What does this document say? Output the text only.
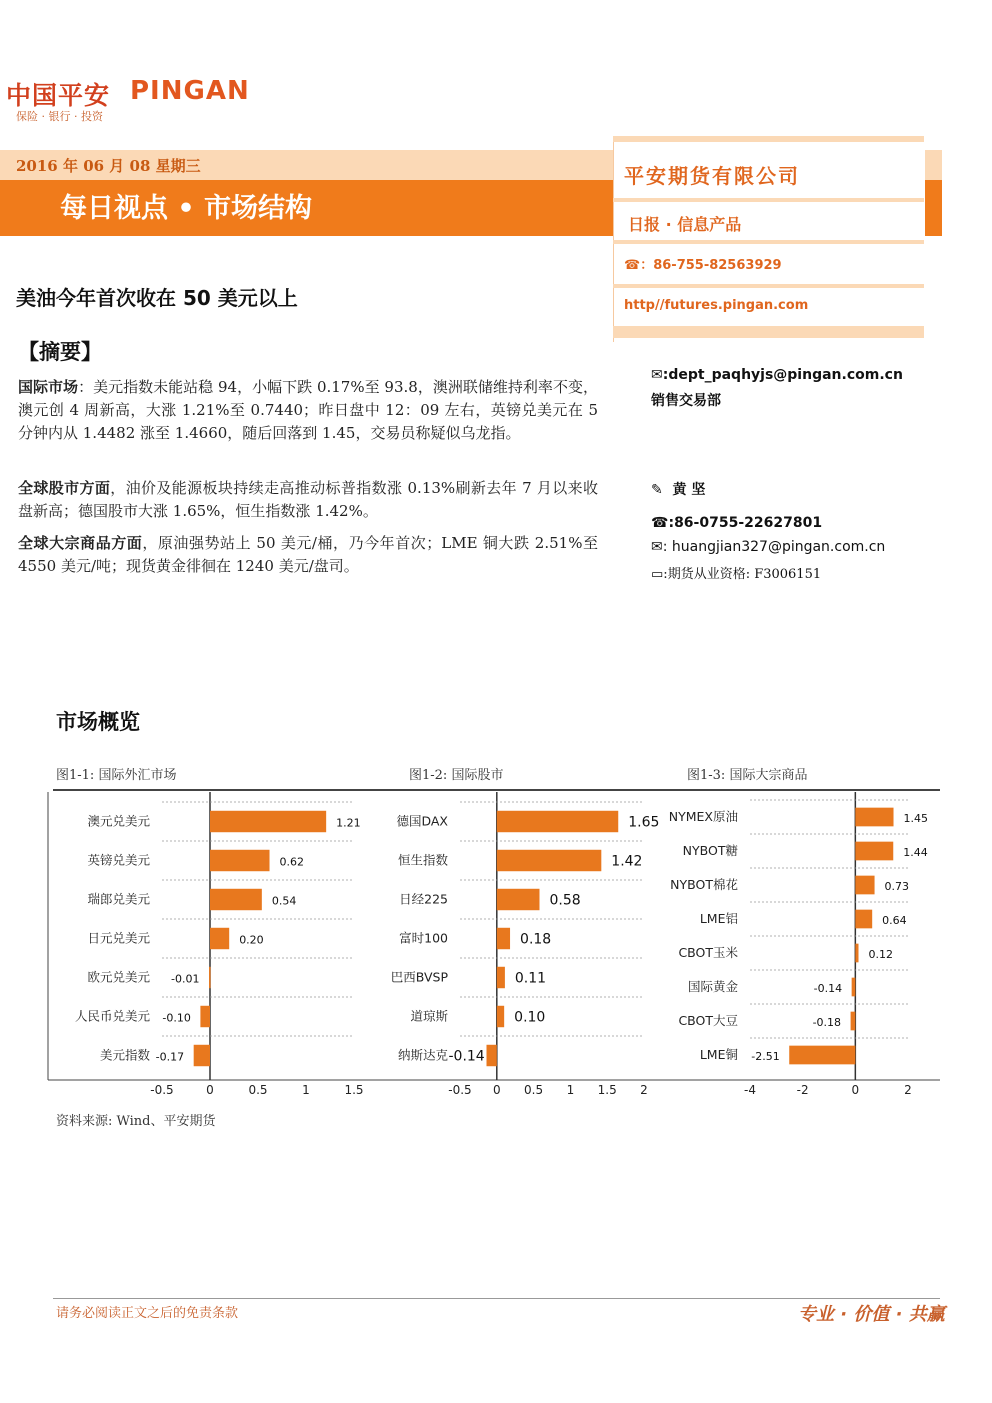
中国平安 PINGAN
保险 · 银行 · 投资
2016 年 06 月 08 星期三
每日视点 • 市场结构
平安期货有限公司
日报 · 信息产品
☎：86-755-82563929
http//futures.pingan.com
美油今年首次收在 50 美元以上
【摘要】
国际市场：美元指数未能站稳 94，小幅下跌 0.17%至 93.8，澳洲联储维持利率不变，澳元创 4 周新高，大涨 1.21%至 0.7440；昨日盘中 12：09 左右，英镑兑美元在 5 分钟内从 1.4482 涨至 1.4660，随后回落到 1.45，交易员称疑似乌龙指。
全球股市方面，油价及能源板块持续走高推动标普指数涨 0.13%刷新去年 7 月以来收盘新高；德国股市大涨 1.65%，恒生指数涨 1.42%。
全球大宗商品方面，原油强势站上 50 美元/桶，乃今年首次；LME 铜大跌 2.51%至 4550 美元/吨；现货黄金徘徊在 1240 美元/盘司。
✉:dept_paqhyjs@pingan.com.cn
销售交易部
✎ 黄 坚
☎:86-0755-22627801
✉: huangjian327@pingan.com.cn
▭:期货从业资格: F3006151
市场概览
图1-1: 国际外汇市场	图1-2: 国际股市	图1-3: 国际大宗商品
澳元兑美元	1.21
英镑兑美元	0.62
瑞郎兑美元	0.54
日元兑美元	0.20
欧元兑美元 -0.01
人民币兑美元 -0.10
美元指数 -0.17
-0.5	0	0.5	1	1.5
德国DAX	1.65
恒生指数	1.42
日经225	0.58
富时100	0.18
巴西BVSP	0.11
道琼斯	0.10
纳斯达克 -0.14
-0.5 0 0.5 1 1.5 2
NYMEX原油	1.45
NYBOT糖	1.44
NYBOT棉花	0.73
LME铝	0.64
CBOT玉米	0.12
国际黄金	-0.14
CBOT大豆	-0.18
LME铜 -2.51
-4	-2	0	2
资料来源: Wind、平安期货
请务必阅读正文之后的免责条款	专业 · 价值 · 共赢
